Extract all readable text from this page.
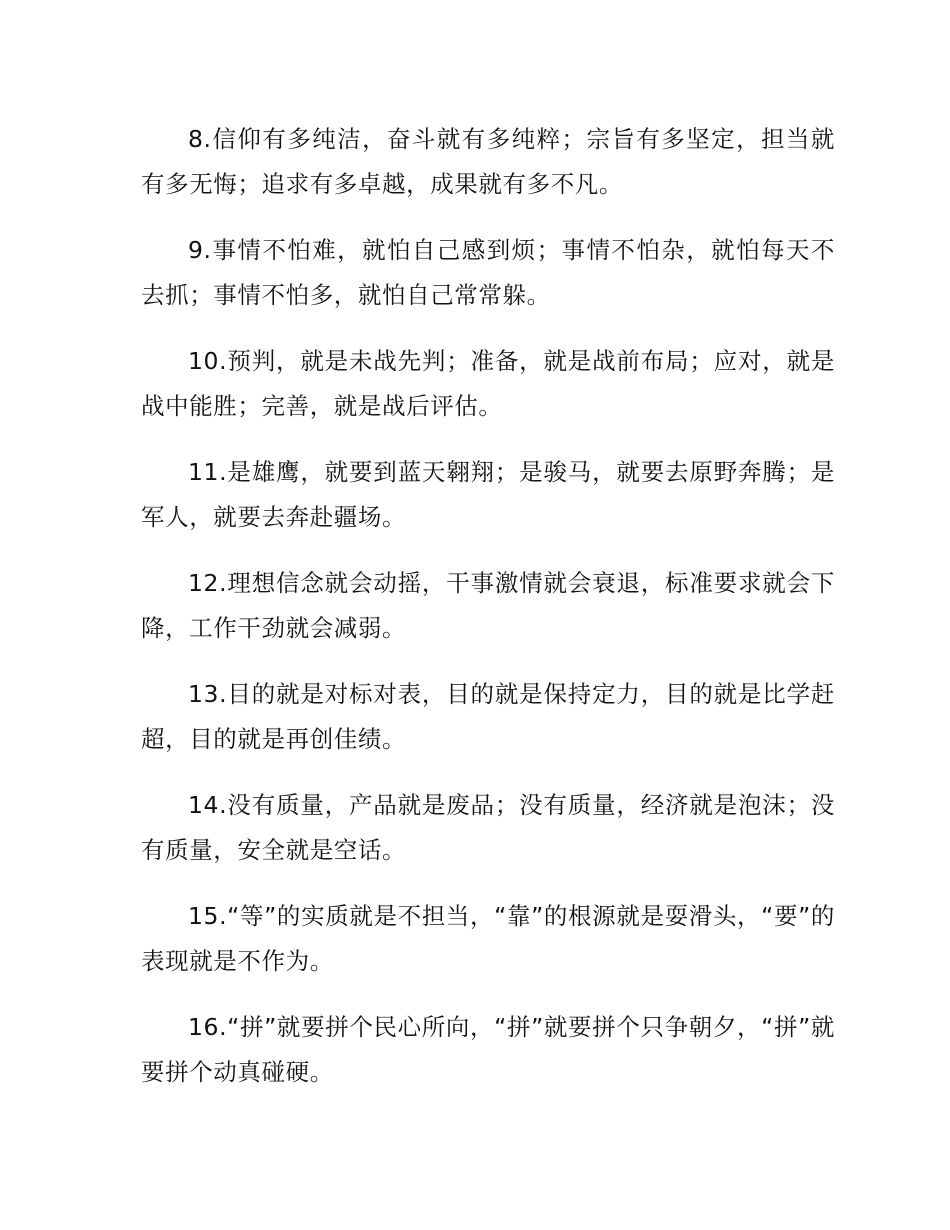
8.信仰有多纯洁，奋斗就有多纯粹；宗旨有多坚定，担当就有多无悔；追求有多卓越，成果就有多不凡。

9.事情不怕难，就怕自己感到烦；事情不怕杂，就怕每天不去抓；事情不怕多，就怕自己常常躲。

10.预判，就是未战先判；准备，就是战前布局；应对，就是战中能胜；完善，就是战后评估。

11.是雄鹰，就要到蓝天翱翔；是骏马，就要去原野奔腾；是军人，就要去奔赴疆场。

12.理想信念就会动摇，干事激情就会衰退，标准要求就会下降，工作干劲就会减弱。

13.目的就是对标对表，目的就是保持定力，目的就是比学赶超，目的就是再创佳绩。

14.没有质量，产品就是废品；没有质量，经济就是泡沫；没有质量，安全就是空话。

15.“等”的实质就是不担当，“靠”的根源就是耍滑头，“要”的表现就是不作为。

16.“拼”就要拼个民心所向，“拼”就要拼个只争朝夕，“拼”就要拼个动真碰硬。
